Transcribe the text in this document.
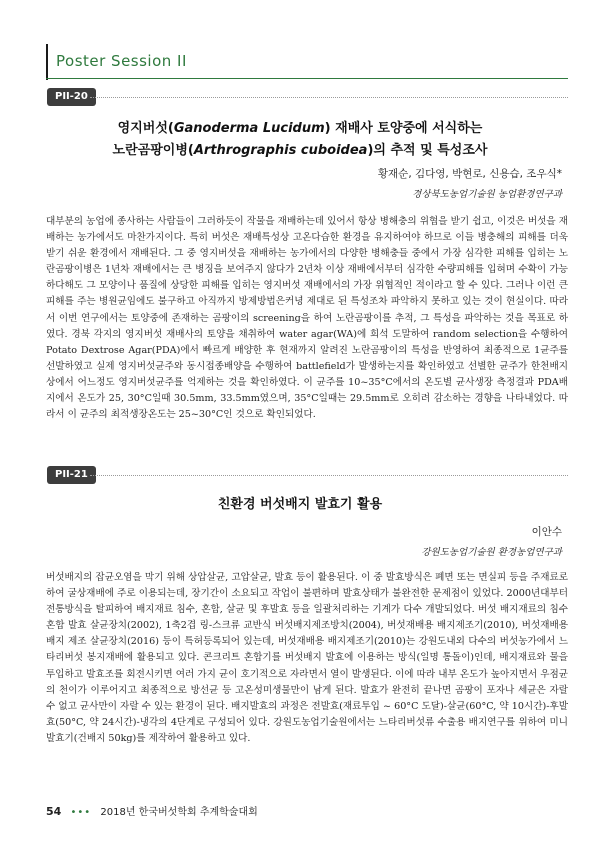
Poster Session II
PII-20
영지버섯(Ganoderma Lucidum) 재배사 토양중에 서식하는
노란곰팡이병(Arthrographis cuboidea)의 추적 및 특성조사
황재순, 김다영, 박현로, 신용습, 조우식*
경상북도농업기술원 농업환경연구과

대부분의 농업에 종사하는 사람들이 그러하듯이 작물을 재배하는데 있어서 항상 병해충의 위협을 받기 쉽고, 이것은 버섯을 재배하는 농가에서도 마찬가지이다. 특히 버섯은 재배특성상 고온다습한 환경을 유지하여야 하므로 이들 병충해의 피해를 더욱 받기 쉬운 환경에서 재배된다. 그 중 영지버섯을 재배하는 농가에서의 다양한 병해충들 중에서 가장 심각한 피해를 입히는 노란곰팡이병은 1년차 재배에서는 큰 병징을 보여주지 않다가 2년차 이상 재배에서부터 심각한 수량피해를 입혀며 수확이 가능하다해도 그 모양이나 품질에 상당한 피해를 입히는 영지버섯 재배에서의 가장 위협적인 적이라고 할 수 있다. 그러나 이런 큰 피해를 주는 병원균임에도 불구하고 아직까지 방제방법은커녕 제대로 된 특성조차 파악하지 못하고 있는 것이 현실이다. 따라서 이번 연구에서는 토양중에 존재하는 곰팡이의 screening을 하여 노란곰팡이를 추적, 그 특성을 파악하는 것을 목표로 하였다. 경북 각지의 영지버섯 재배사의 토양을 채취하여 water agar(WA)에 희석 도말하여 random selection을 수행하여 Potato Dextrose Agar(PDA)에서 빠르게 배양한 후 현재까지 알려진 노란곰팡이의 특성을 반영하여 최종적으로 1균주를 선발하였고 실제 영지버섯균주와 동시접종배양을 수행하여 battlefield가 발생하는지를 확인하였고 선별한 균주가 한천배지상에서 어느정도 영지버섯균주를 억제하는 것을 확인하였다. 이 균주를 10~35°C에서의 온도별 균사생장 측정결과 PDA배지에서 온도가 25, 30°C일때 30.5mm, 33.5mm였으며, 35°C일때는 29.5mm로 오히려 감소하는 경향을 나타내었다. 따라서 이 균주의 최적생장온도는 25~30°C인 것으로 확인되었다.

PII-21
친환경 버섯배지 발효기 활용
이안수
강원도농업기술원 환경농업연구과

버섯배지의 잡균오염을 막기 위해 상압살균, 고압살균, 발효 등이 활용된다. 이 중 발효방식은 폐면 또는 면실피 등을 주재료로 하여 굴상재배에 주로 이용되는데, 장기간이 소요되고 작업이 불편하며 발효상태가 불완전한 문제점이 있었다. 2000년대부터 전통방식을 탈피하여 배지재료 침수, 혼합, 살균 및 후발효 등을 일괄처리하는 기계가 다수 개발되었다. 버섯 배지재료의 침수 혼합 발효 살균장치(2002), 1축2겹 링-스크류 교반식 버섯배지제조방치(2004), 버섯재배용 배지제조기(2010), 버섯재배용 배지 제조 살균장치(2016) 등이 특허등록되어 있는데, 버섯재배용 배지제조기(2010)는 강원도내외 다수의 버섯농가에서 느타리버섯 봉지재배에 활용되고 있다. 콘크리트 혼합기를 버섯배지 발효에 이용하는 방식(일명 통돌이)인데, 배지재료와 물을 투입하고 발효조를 회전시키면 여러 가지 균이 호기적으로 자라면서 열이 발생된다. 이에 따라 내부 온도가 높아지면서 우점균의 천이가 이루어지고 최종적으로 방선균 등 고온성미생물만이 남게 된다. 발효가 완전히 끝나면 곰팡이 포자나 세균은 자랄 수 없고 균사만이 자랄 수 있는 환경이 된다. 배지발효의 과정은 전발효(재료투입 ~ 60°C 도달)-살균(60°C, 약 10시간)-후발효(50°C, 약 24시간)-냉각의 4단계로 구성되어 있다. 강원도농업기술원에서는 느타리버섯류 수출용 배지연구를 위하여 미니발효기(건배지 50kg)를 제작하여 활용하고 있다.

54 ••• 2018년 한국버섯학회 추계학술대회
